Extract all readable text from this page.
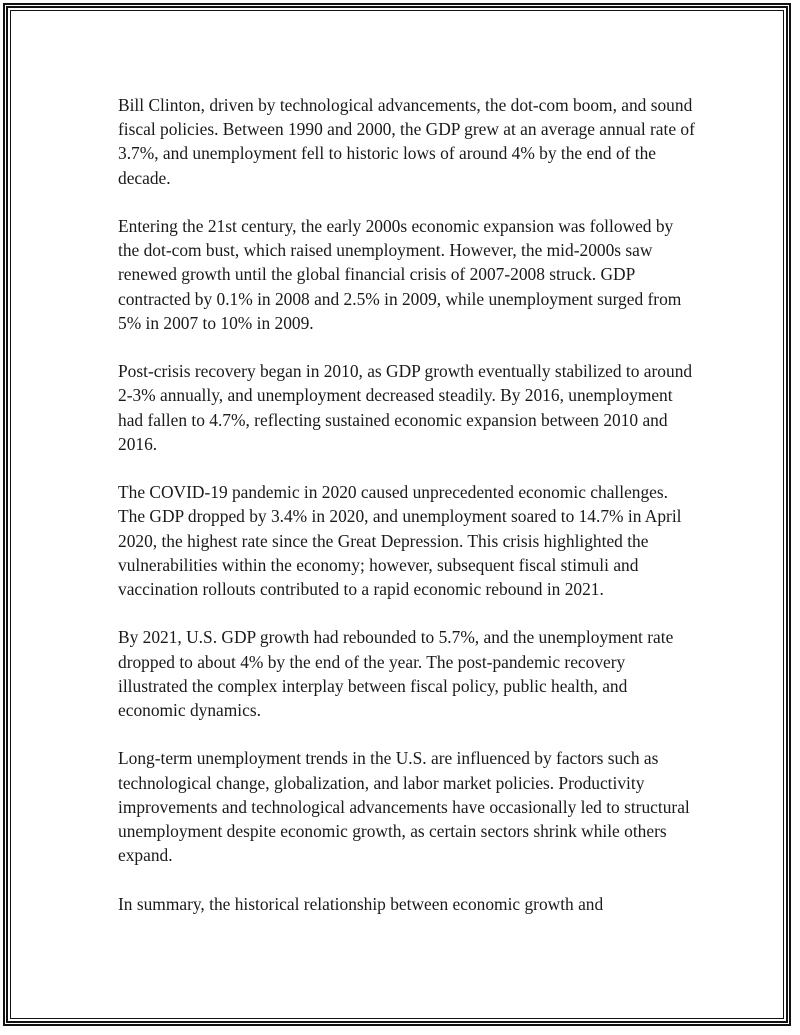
Bill Clinton, driven by technological advancements, the dot-com boom, and sound fiscal policies. Between 1990 and 2000, the GDP grew at an average annual rate of 3.7%, and unemployment fell to historic lows of around 4% by the end of the decade.

Entering the 21st century, the early 2000s economic expansion was followed by the dot-com bust, which raised unemployment. However, the mid-2000s saw renewed growth until the global financial crisis of 2007-2008 struck. GDP contracted by 0.1% in 2008 and 2.5% in 2009, while unemployment surged from 5% in 2007 to 10% in 2009.

Post-crisis recovery began in 2010, as GDP growth eventually stabilized to around 2-3% annually, and unemployment decreased steadily. By 2016, unemployment had fallen to 4.7%, reflecting sustained economic expansion between 2010 and 2016.

The COVID-19 pandemic in 2020 caused unprecedented economic challenges. The GDP dropped by 3.4% in 2020, and unemployment soared to 14.7% in April 2020, the highest rate since the Great Depression. This crisis highlighted the vulnerabilities within the economy; however, subsequent fiscal stimuli and vaccination rollouts contributed to a rapid economic rebound in 2021.

By 2021, U.S. GDP growth had rebounded to 5.7%, and the unemployment rate dropped to about 4% by the end of the year. The post-pandemic recovery illustrated the complex interplay between fiscal policy, public health, and economic dynamics.

Long-term unemployment trends in the U.S. are influenced by factors such as technological change, globalization, and labor market policies. Productivity improvements and technological advancements have occasionally led to structural unemployment despite economic growth, as certain sectors shrink while others expand.

In summary, the historical relationship between economic growth and
